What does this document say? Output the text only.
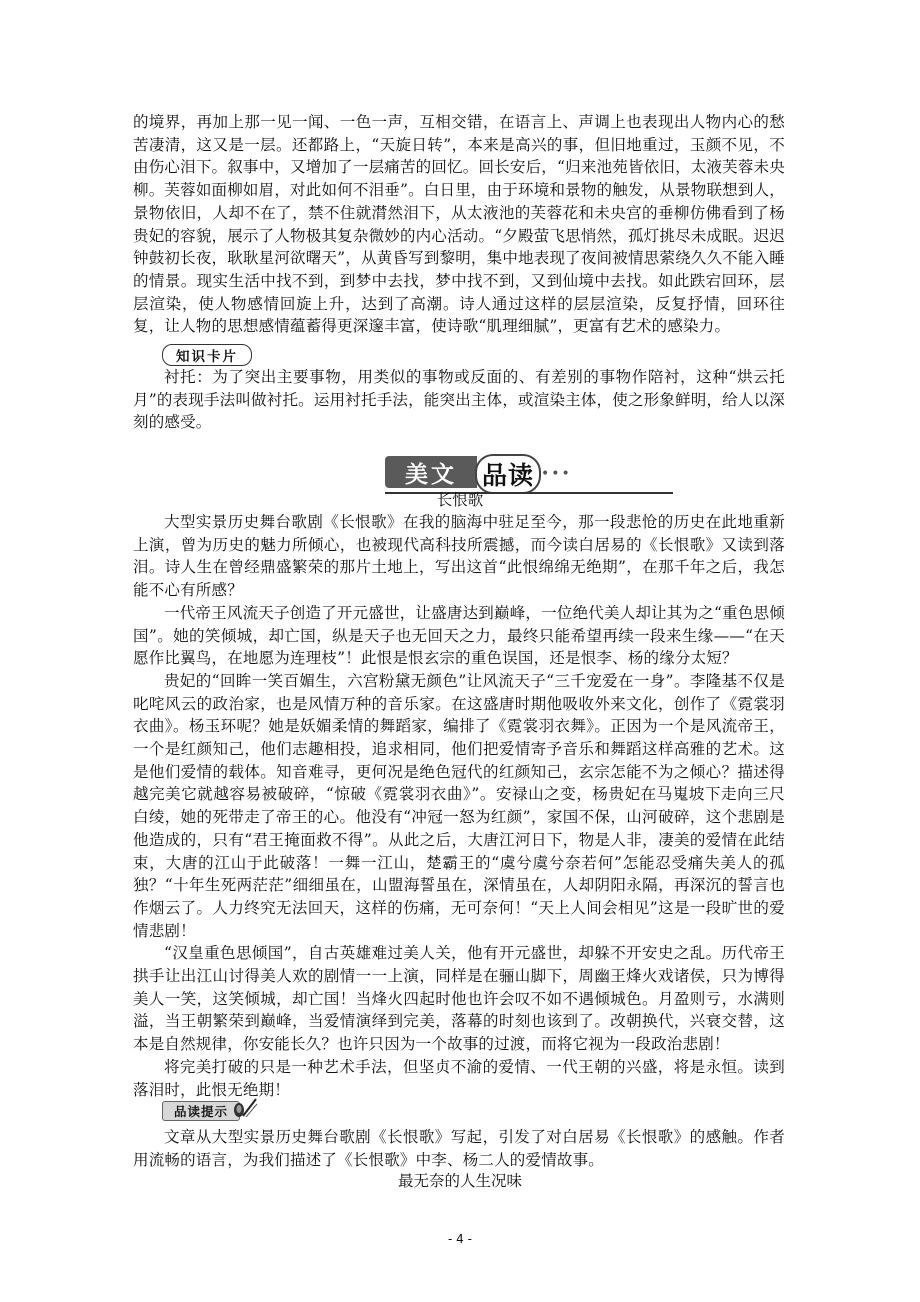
的境界，再加上那一见一闻、一色一声，互相交错，在语言上、声调上也表现出人物内心的愁苦凄清，这又是一层。还都路上，“天旋日转”，本来是高兴的事，但旧地重过，玉颜不见，不由伤心泪下。叙事中，又增加了一层痛苦的回忆。回长安后，“归来池苑皆依旧，太液芙蓉未央柳。芙蓉如面柳如眉，对此如何不泪垂”。白日里，由于环境和景物的触发，从景物联想到人，景物依旧，人却不在了，禁不住就潸然泪下，从太液池的芙蓉花和未央宫的垂柳仿佛看到了杨贵妃的容貌，展示了人物极其复杂微妙的内心活动。“夕殿萤飞思悄然，孤灯挑尽未成眠。迟迟钟鼓初长夜，耿耿星河欲曙天”，从黄昏写到黎明，集中地表现了夜间被情思萦绕久久不能入睡的情景。现实生活中找不到，到梦中去找，梦中找不到，又到仙境中去找。如此跌宕回环，层层渲染，使人物感情回旋上升，达到了高潮。诗人通过这样的层层渲染，反复抒情，回环往复，让人物的思想感情蕴蓄得更深邃丰富，使诗歌“肌理细腻”，更富有艺术的感染力。

知识卡片

衬托：为了突出主要事物，用类似的事物或反面的、有差别的事物作陪衬，这种“烘云托月”的表现手法叫做衬托。运用衬托手法，能突出主体，或渲染主体，使之形象鲜明，给人以深刻的感受。

美文 品读 •••
长恨歌

大型实景历史舞台歌剧《长恨歌》在我的脑海中驻足至今，那一段悲怆的历史在此地重新上演，曾为历史的魅力所倾心，也被现代高科技所震撼，而今读白居易的《长恨歌》又读到落泪。诗人生在曾经鼎盛繁荣的那片土地上，写出这首“此恨绵绵无绝期”，在那千年之后，我怎能不心有所感？

一代帝王风流天子创造了开元盛世，让盛唐达到巅峰，一位绝代美人却让其为之“重色思倾国”。她的笑倾城，却亡国，纵是天子也无回天之力，最终只能希望再续一段来生缘——“在天愿作比翼鸟，在地愿为连理枝”！此恨是恨玄宗的重色误国，还是恨李、杨的缘分太短？

贵妃的“回眸一笑百媚生，六宫粉黛无颜色”让风流天子“三千宠爱在一身”。李隆基不仅是叱咤风云的政治家，也是风情万种的音乐家。在这盛唐时期他吸收外来文化，创作了《霓裳羽衣曲》。杨玉环呢？她是妖媚柔情的舞蹈家，编排了《霓裳羽衣舞》。正因为一个是风流帝王，一个是红颜知己，他们志趣相投，追求相同，他们把爱情寄予音乐和舞蹈这样高雅的艺术。这是他们爱情的载体。知音难寻，更何况是绝色冠代的红颜知己，玄宗怎能不为之倾心？描述得越完美它就越容易被破碎，“惊破《霓裳羽衣曲》”。安禄山之变，杨贵妃在马嵬坡下走向三尺白绫，她的死带走了帝王的心。他没有“冲冠一怒为红颜”，家国不保，山河破碎，这个悲剧是他造成的，只有“君王掩面救不得”。从此之后，大唐江河日下，物是人非，凄美的爱情在此结束，大唐的江山于此破落！一舞一江山，楚霸王的“虞兮虞兮奈若何”怎能忍受痛失美人的孤独？“十年生死两茫茫”细细虽在，山盟海誓虽在，深情虽在，人却阴阳永隔，再深沉的誓言也作烟云了。人力终究无法回天，这样的伤痛，无可奈何！“天上人间会相见”这是一段旷世的爱情悲剧！

“汉皇重色思倾国”，自古英雄难过美人关，他有开元盛世，却躲不开安史之乱。历代帝王拱手让出江山讨得美人欢的剧情一一上演，同样是在骊山脚下，周幽王烽火戏诸侯，只为博得美人一笑，这笑倾城，却亡国！当烽火四起时他也许会叹不如不遇倾城色。月盈则亏，水满则溢，当王朝繁荣到巅峰，当爱情演绎到完美，落幕的时刻也该到了。改朝换代，兴衰交替，这本是自然规律，你安能长久？也许只因为一个故事的过渡，而将它视为一段政治悲剧！

将完美打破的只是一种艺术手法，但坚贞不渝的爱情、一代王朝的兴盛，将是永恒。读到落泪时，此恨无绝期！

品读提示

文章从大型实景历史舞台歌剧《长恨歌》写起，引发了对白居易《长恨歌》的感触。作者用流畅的语言，为我们描述了《长恨歌》中李、杨二人的爱情故事。

最无奈的人生况味
- 4 -
